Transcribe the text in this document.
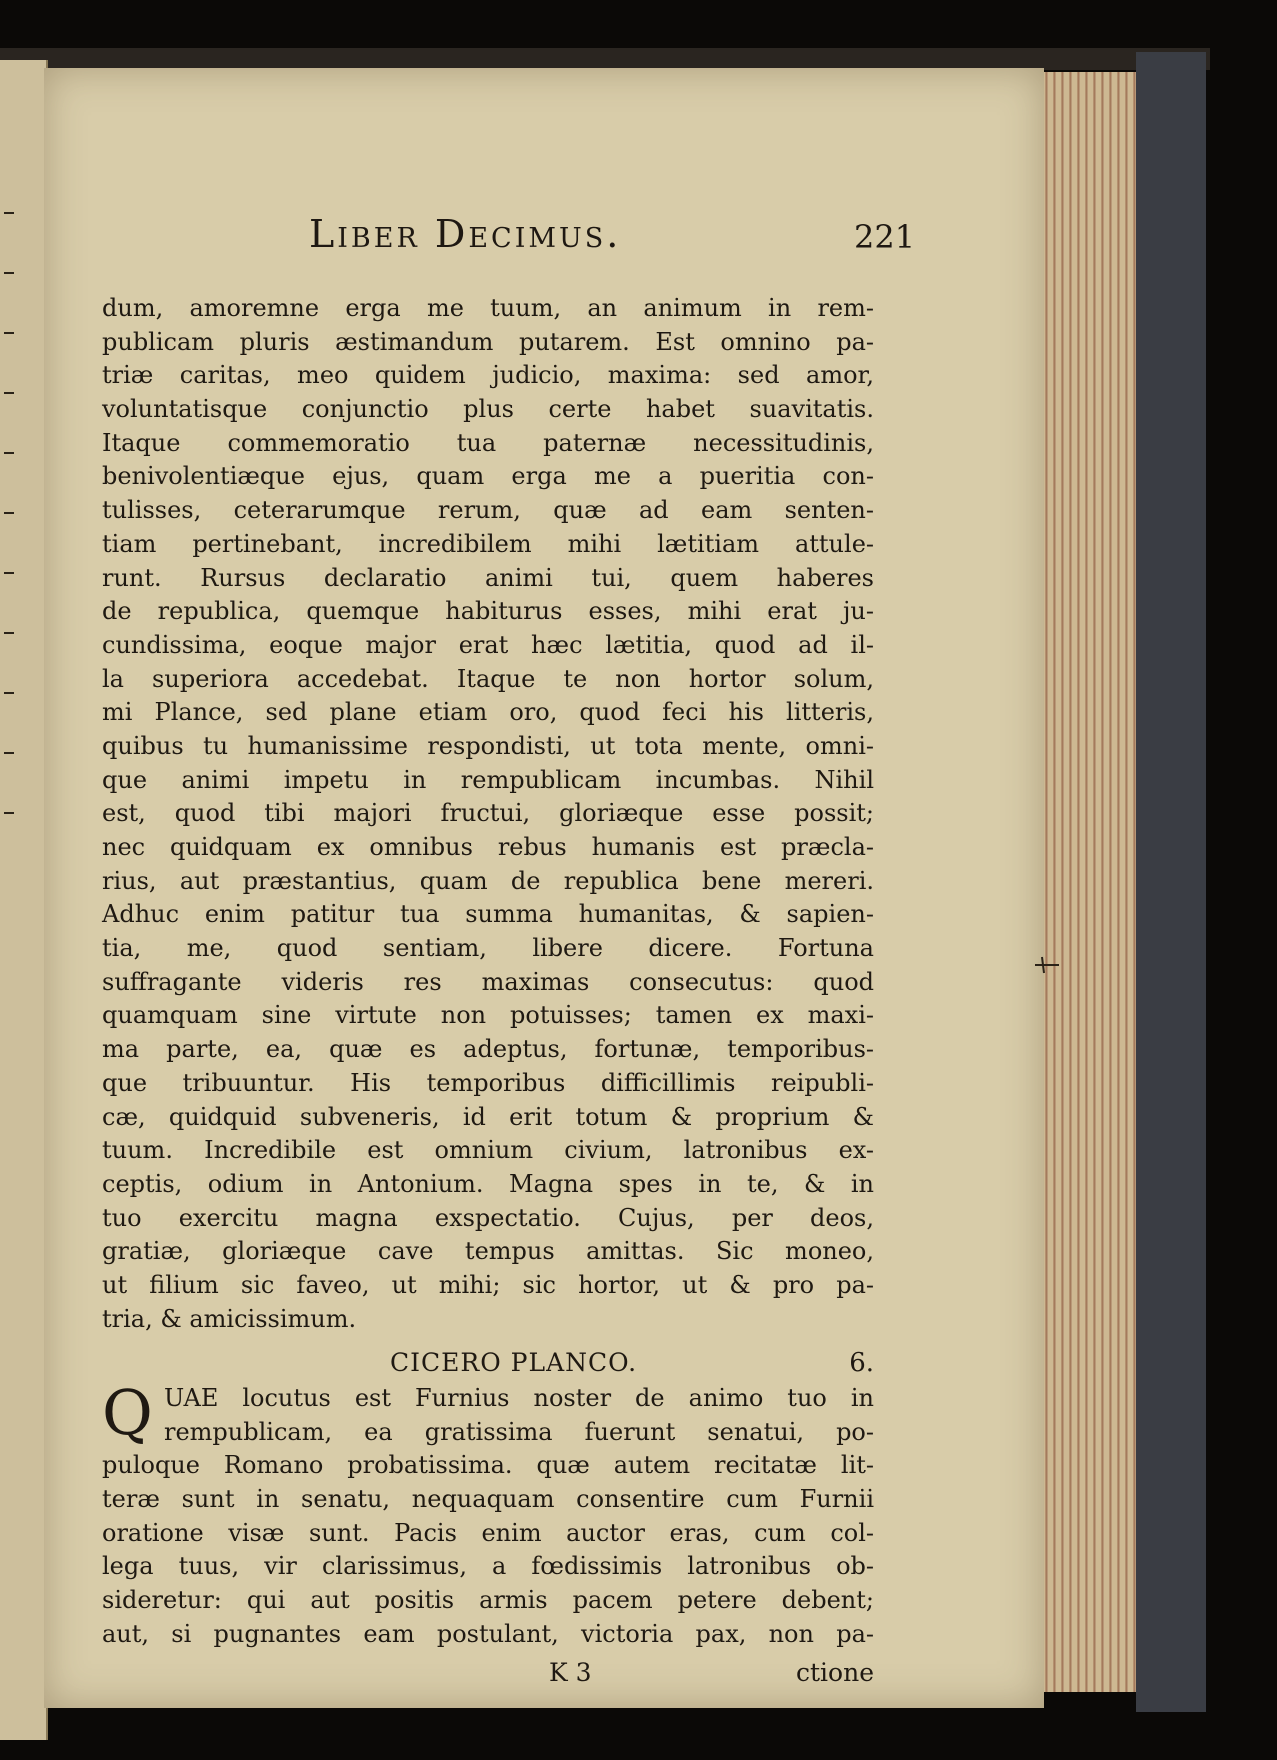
Liber Decimus.	221
dum, amoremne erga me tuum, an animum in rem-
publicam pluris æstimandum putarem. Est omnino pa-
triæ caritas, meo quidem judicio, maxima: sed amor,
voluntatisque conjunctio plus certe habet suavitatis.
Itaque commemoratio tua paternæ necessitudinis,
benivolentiæque ejus, quam erga me a pueritia con-
tulisses, ceterarumque rerum, quæ ad eam senten-
tiam pertinebant, incredibilem mihi lætitiam attule-
runt. Rursus declaratio animi tui, quem haberes
de republica, quemque habiturus esses, mihi erat ju-
cundissima, eoque major erat hæc lætitia, quod ad il-
la superiora accedebat. Itaque te non hortor solum,
mi Plance, sed plane etiam oro, quod feci his litteris,
quibus tu humanissime respondisti, ut tota mente, omni-
que animi impetu in rempublicam incumbas. Nihil
est, quod tibi majori fructui, gloriæque esse possit;
nec quidquam ex omnibus rebus humanis est præcla-
rius, aut præstantius, quam de republica bene mereri.
Adhuc enim patitur tua summa humanitas, & sapien-
tia, me, quod sentiam, libere dicere. Fortuna
suffragante videris res maximas consecutus: quod
quamquam sine virtute non potuisses; tamen ex maxi-
ma parte, ea, quæ es adeptus, fortunæ, temporibus-
que tribuuntur. His temporibus difficillimis reipubli-
cæ, quidquid subveneris, id erit totum & proprium &
tuum. Incredibile est omnium civium, latronibus ex-
ceptis, odium in Antonium. Magna spes in te, & in
tuo exercitu magna exspectatio. Cujus, per deos,
gratiæ, gloriæque cave tempus amittas. Sic moneo,
ut filium sic faveo, ut mihi; sic hortor, ut & pro pa-
tria, & amicissimum.
CICERO PLANCO.	6.
Q UAE locutus est Furnius noster de animo tuo in
rempublicam, ea gratissima fuerunt senatui, po-
puloque Romano probatissima. quæ autem recitatæ lit-
teræ sunt in senatu, nequaquam consentire cum Furnii
oratione visæ sunt. Pacis enim auctor eras, cum col-
lega tuus, vir clarissimus, a fœdissimis latronibus ob-
sideretur: qui aut positis armis pacem petere debent;
aut, si pugnantes eam postulant, victoria pax, non pa-
K 3	ctione
